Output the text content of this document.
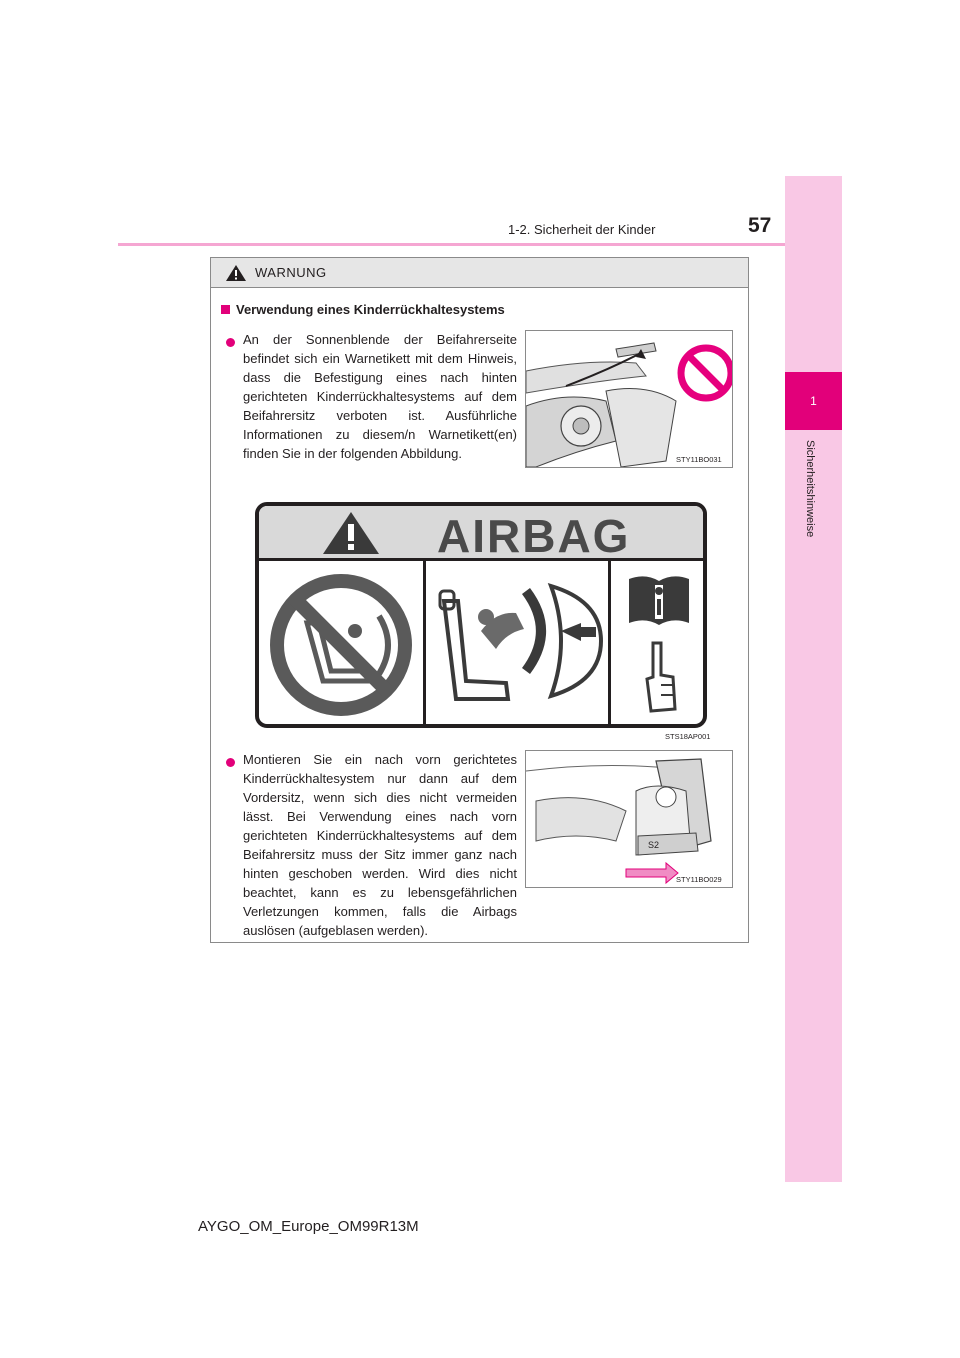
57
1-2. Sicherheit der Kinder
1
Sicherheitshinweise
WARNUNG
Verwendung eines Kinderrückhaltesystems
An der Sonnenblende der Beifahrerseite befindet sich ein Warnetikett mit dem Hinweis, dass die Befestigung eines nach hinten gerichteten Kinderrückhaltesystems auf dem Beifahrersitz verboten ist. Ausführliche Informationen zu diesem/n Warnetikett(en) finden Sie in der folgenden Abbildung.	STY11BO031
AIRBAG
STS18AP001
Montieren Sie ein nach vorn gerichtetes Kinderrückhaltesystem nur dann auf dem Vordersitz, wenn sich dies nicht vermeiden lässt. Bei Verwendung eines nach vorn gerichteten Kinderrückhaltesystems auf dem Beifahrersitz muss der Sitz immer ganz nach hinten geschoben werden. Wird dies nicht beachtet, kann es zu lebensgefährlichen Verletzungen kommen, falls die Airbags auslösen (aufgeblasen werden).
S2
STY11BO029
AYGO_OM_Europe_OM99R13M
